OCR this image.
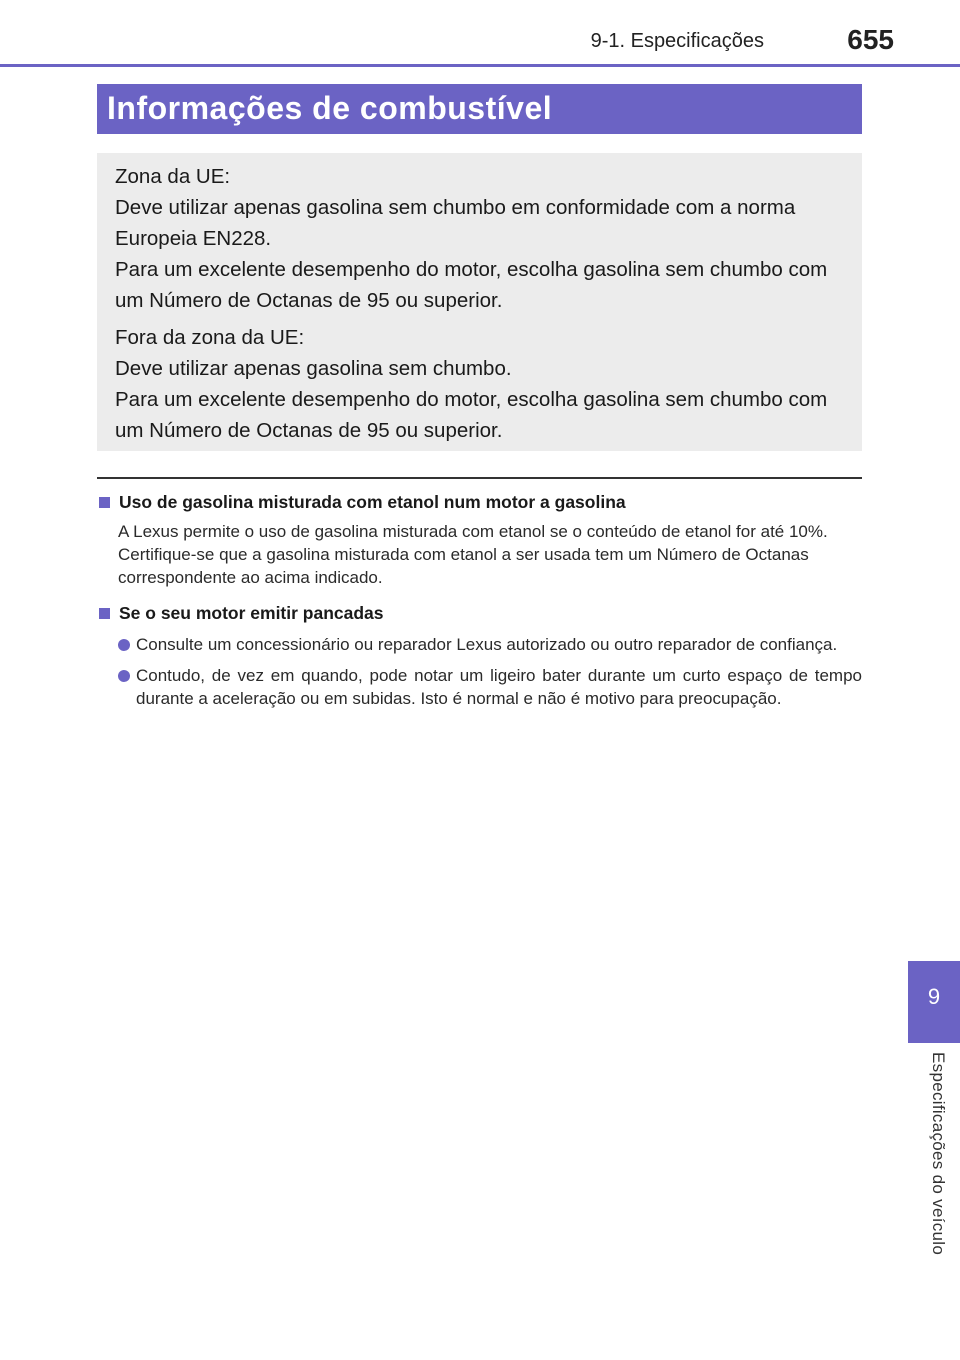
9-1. Especificações	655
Informações de combustível

Zona da UE:
Deve utilizar apenas gasolina sem chumbo em conformidade com a norma
Europeia EN228.
Para um excelente desempenho do motor, escolha gasolina sem chumbo com
um Número de Octanas de 95 ou superior.

Fora da zona da UE:
Deve utilizar apenas gasolina sem chumbo.
Para um excelente desempenho do motor, escolha gasolina sem chumbo com
um Número de Octanas de 95 ou superior.

Uso de gasolina misturada com etanol num motor a gasolina
A Lexus permite o uso de gasolina misturada com etanol se o conteúdo de etanol for até 10%. Certifique-se que a gasolina misturada com etanol a ser usada tem um Número de Octanas correspondente ao acima indicado.
Se o seu motor emitir pancadas
Consulte um concessionário ou reparador Lexus autorizado ou outro reparador de confiança.
Contudo, de vez em quando, pode notar um ligeiro bater durante um curto espaço de tempo durante a aceleração ou em subidas. Isto é normal e não é motivo para preocupação.
9
Especificações do veículo
